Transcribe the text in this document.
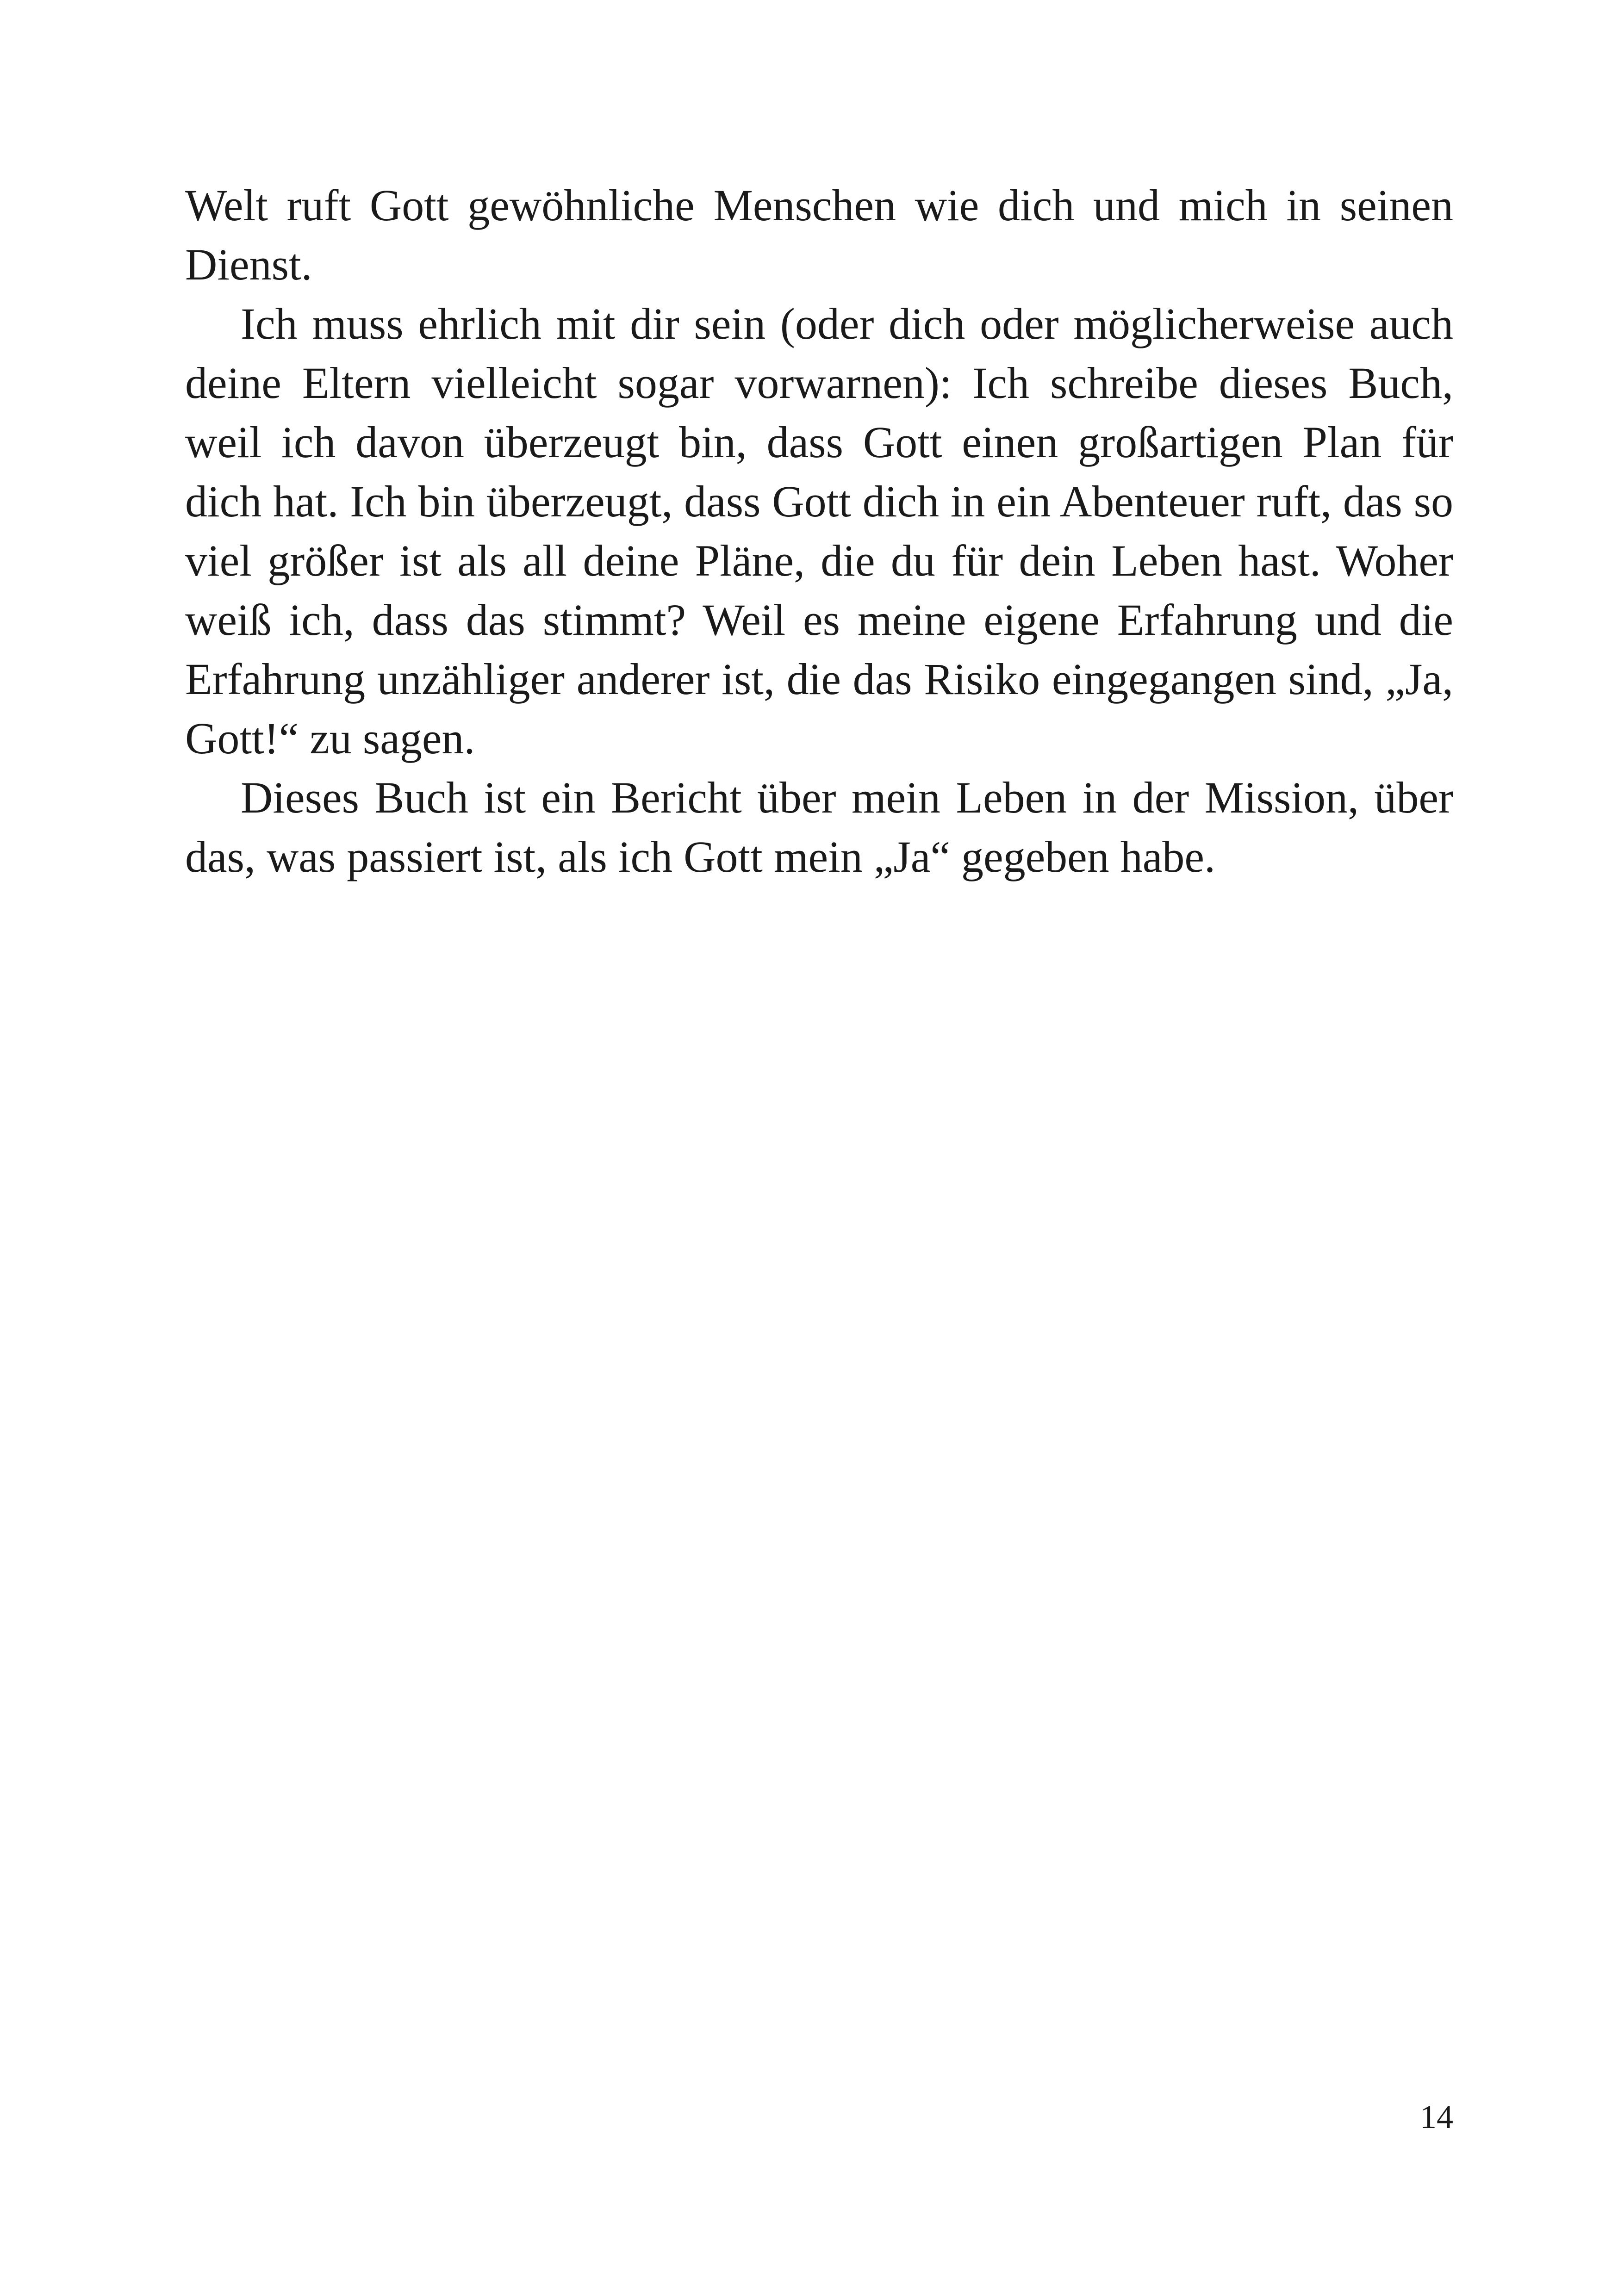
Welt ruft Gott gewöhnliche Menschen wie dich und mich in seinen Dienst.

Ich muss ehrlich mit dir sein (oder dich oder möglicherweise auch deine Eltern vielleicht sogar vorwarnen): Ich schreibe dieses Buch, weil ich davon überzeugt bin, dass Gott einen großartigen Plan für dich hat. Ich bin überzeugt, dass Gott dich in ein Abenteuer ruft, das so viel größer ist als all deine Pläne, die du für dein Leben hast. Woher weiß ich, dass das stimmt? Weil es meine eigene Erfahrung und die Erfahrung unzähliger anderer ist, die das Risiko eingegangen sind, „Ja, Gott!“ zu sagen.

Dieses Buch ist ein Bericht über mein Leben in der Mission, über das, was passiert ist, als ich Gott mein „Ja“ gegeben habe.

14
